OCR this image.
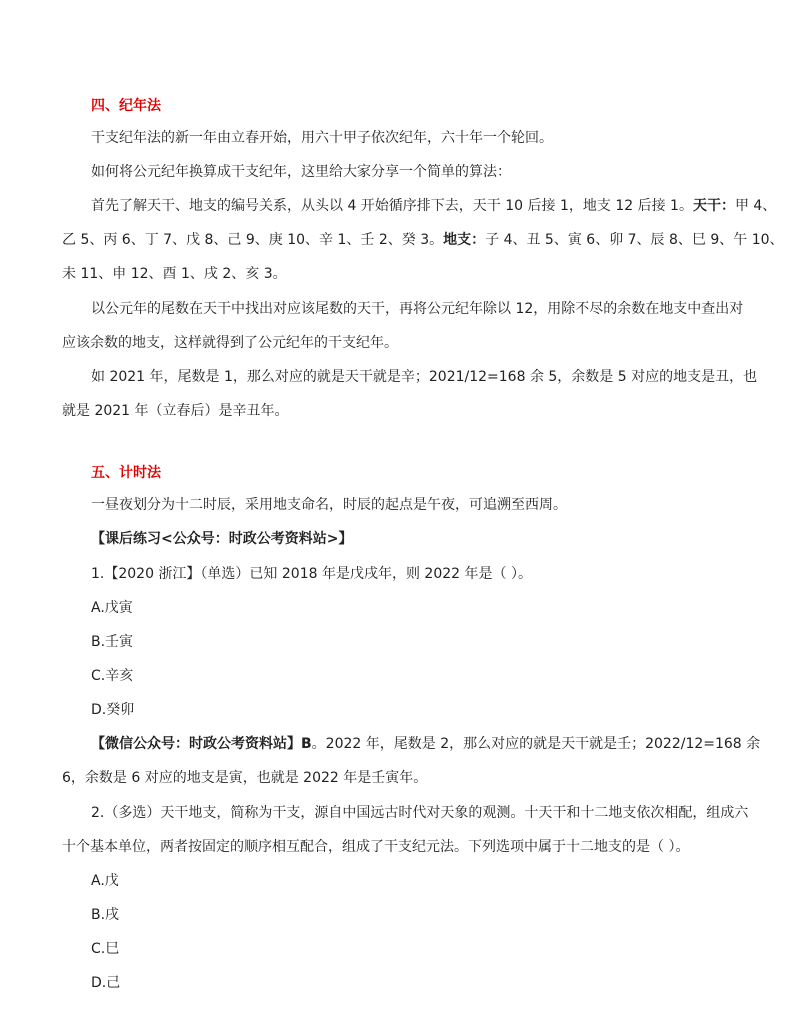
四、纪年法
干支纪年法的新一年由立春开始，用六十甲子依次纪年，六十年一个轮回。
如何将公元纪年换算成干支纪年，这里给大家分享一个简单的算法：
首先了解天干、地支的编号关系，从头以 4 开始循序排下去，天干 10 后接 1，地支 12 后接 1。天干：甲 4、
乙 5、丙 6、丁 7、戊 8、己 9、庚 10、辛 1、壬 2、癸 3。地支：子 4、丑 5、寅 6、卯 7、辰 8、巳 9、午 10、
未 11、申 12、酉 1、戌 2、亥 3。
以公元年的尾数在天干中找出对应该尾数的天干，再将公元纪年除以 12，用除不尽的余数在地支中查出对
应该余数的地支，这样就得到了公元纪年的干支纪年。
如 2021 年，尾数是 1，那么对应的就是天干就是辛；2021/12=168 余 5，余数是 5 对应的地支是丑，也
就是 2021 年（立春后）是辛丑年。
五、计时法
一昼夜划分为十二时辰，采用地支命名，时辰的起点是午夜，可追溯至西周。
【课后练习<公众号：时政公考资料站>】
1.【2020 浙江】（单选）已知 2018 年是戊戌年，则 2022 年是（ ）。
A.戊寅
B.壬寅
C.辛亥
D.癸卯
【微信公众号：时政公考资料站】B。2022 年，尾数是 2，那么对应的就是天干就是壬；2022/12=168 余
6，余数是 6 对应的地支是寅，也就是 2022 年是壬寅年。
2.（多选）天干地支，简称为干支，源自中国远古时代对天象的观测。十天干和十二地支依次相配，组成六
十个基本单位，两者按固定的顺序相互配合，组成了干支纪元法。下列选项中属于十二地支的是（ ）。
A.戊
B.戌
C.巳
D.己
